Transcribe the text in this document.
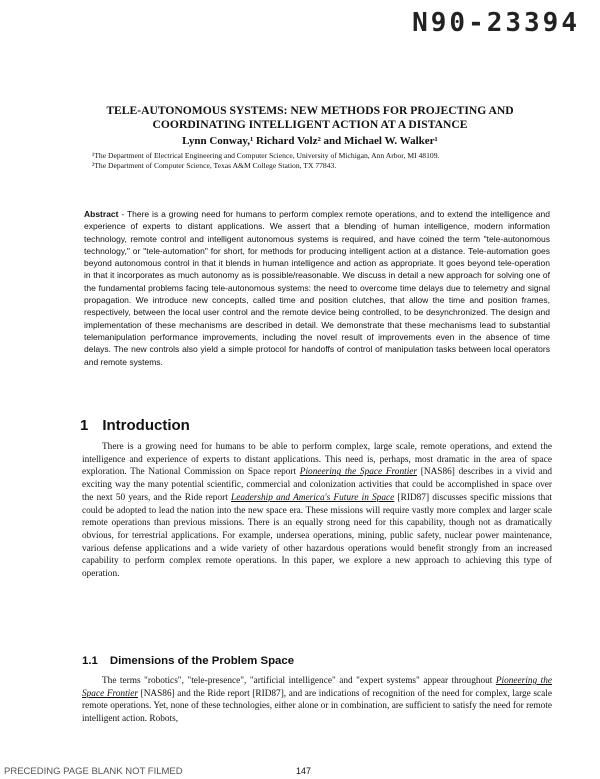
N90-23394
TELE-AUTONOMOUS SYSTEMS: NEW METHODS FOR PROJECTING AND COORDINATING INTELLIGENT ACTION AT A DISTANCE
Lynn Conway,¹ Richard Volz² and Michael W. Walker¹
¹The Department of Electrical Engineering and Computer Science, University of Michigan, Ann Arbor, MI 48109.
²The Department of Computer Science, Texas A&M College Station, TX 77843.
Abstract - There is a growing need for humans to perform complex remote operations, and to extend the intelligence and experience of experts to distant applications. We assert that a blending of human intelligence, modern information technology, remote control and intelligent autonomous systems is required, and have coined the term "tele-autonomous technology," or "tele-automation" for short, for methods for producing intelligent action at a distance. Tele-automation goes beyond autonomous control in that it blends in human intelligence and action as appropriate. It goes beyond tele-operation in that it incorporates as much autonomy as is possible/reasonable. We discuss in detail a new approach for solving one of the fundamental problems facing tele-autonomous systems: the need to overcome time delays due to telemetry and signal propagation. We introduce new concepts, called time and position clutches, that allow the time and position frames, respectively, between the local user control and the remote device being controlled, to be desynchronized. The design and implementation of these mechanisms are described in detail. We demonstrate that these mechanisms lead to substantial telemanipulation performance improvements, including the novel result of improvements even in the absence of time delays. The new controls also yield a simple protocol for handoffs of control of manipulation tasks between local operators and remote systems.
1 Introduction
There is a growing need for humans to be able to perform complex, large scale, remote operations, and extend the intelligence and experience of experts to distant applications. This need is, perhaps, most dramatic in the area of space exploration. The National Commission on Space report Pioneering the Space Frontier [NAS86] describes in a vivid and exciting way the many potential scientific, commercial and colonization activities that could be accomplished in space over the next 50 years, and the Ride report Leadership and America's Future in Space [RID87] discusses specific missions that could be adopted to lead the nation into the new space era. These missions will require vastly more complex and larger scale remote operations than previous missions. There is an equally strong need for this capability, though not as dramatically obvious, for terrestrial applications. For example, undersea operations, mining, public safety, nuclear power maintenance, various defense applications and a wide variety of other hazardous operations would benefit strongly from an increased capability to perform complex remote operations. In this paper, we explore a new approach to achieving this type of operation.
1.1 Dimensions of the Problem Space
The terms "robotics", "tele-presence", "artificial intelligence" and "expert systems" appear throughout Pioneering the Space Frontier [NAS86] and the Ride report [RID87], and are indications of recognition of the need for complex, large scale remote operations. Yet, none of these technologies, either alone or in combination, are sufficient to satisfy the need for remote intelligent action. Robots,
PRECEDING PAGE BLANK NOT FILMED	147
